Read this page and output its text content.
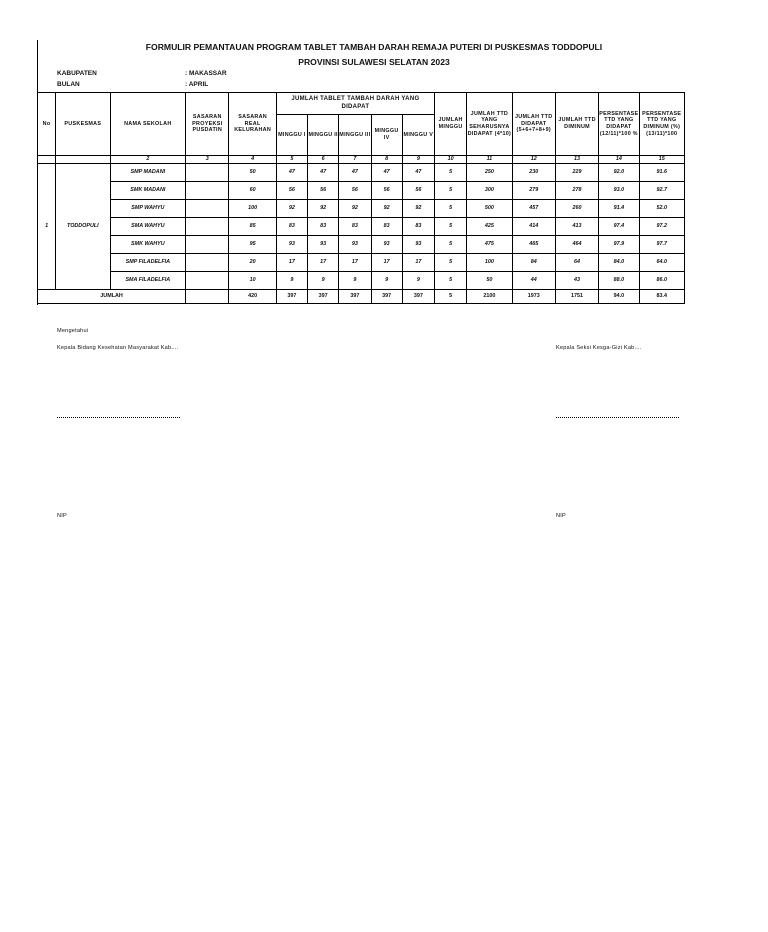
FORMULIR PEMANTAUAN PROGRAM TABLET TAMBAH DARAH REMAJA PUTERI DI PUSKESMAS TODDOPULI
PROVINSI SULAWESI SELATAN 2023
KABUPATEN	: MAKASSAR
BULAN	: APRIL
No	PUSKESMAS	NAMA SEKOLAH	SASARAN PROYEKSI PUSDATIN	SASARAN REAL KELURAHAN	JUMLAH TABLET TAMBAH DARAH YANG DIDAPAT					JUMLAH MINGGU	JUMLAH TTD YANG SEHARUSNYA DIDAPAT (4*10)	JUMLAH TTD DIDAPAT (5+6+7+8+9)	JUMLAH TTD DIMINUM	PERSENTASE TTD YANG DIDAPAT (12/11)*100 %	PERSENTASE TTD YANG DIMINUM (%) (13/11)*100
					MINGGU I	MINGGU II	MINGGU III	MINGGU IV	MINGGU V						
		2	3	4	5	6	7	8	9	10	11	12	13	14	15
1	TODDOPULI	SMP MADANI		50	47	47	47	47	47	5	250	230	229	92.0	91.6
		SMK MADANI		60	56	56	56	56	56	5	300	279	278	93.0	92.7
		SMP WAHYU		100	92	92	92	92	92	5	500	457	260	91.4	52.0
		SMA WAHYU		85	83	83	83	83	83	5	425	414	413	97.4	97.2
		SMK WAHYU		95	93	93	93	93	93	5	475	465	464	97.9	97.7
		SMP FILADELFIA		20	17	17	17	17	17	5	100	84	64	84.0	64.0
		SMA FILADELFIA		10	9	9	9	9	9	5	50	44	43	88.0	86.0
JUMLAH				420	397	397	397	397	397	5	2100	1973	1751	94.0	83.4
Mengetahui
Kepala Bidang Kesehatan Masyarakat Kab....	Kepala Seksi Kesga-Gizi Kab....
NIP	NIP
